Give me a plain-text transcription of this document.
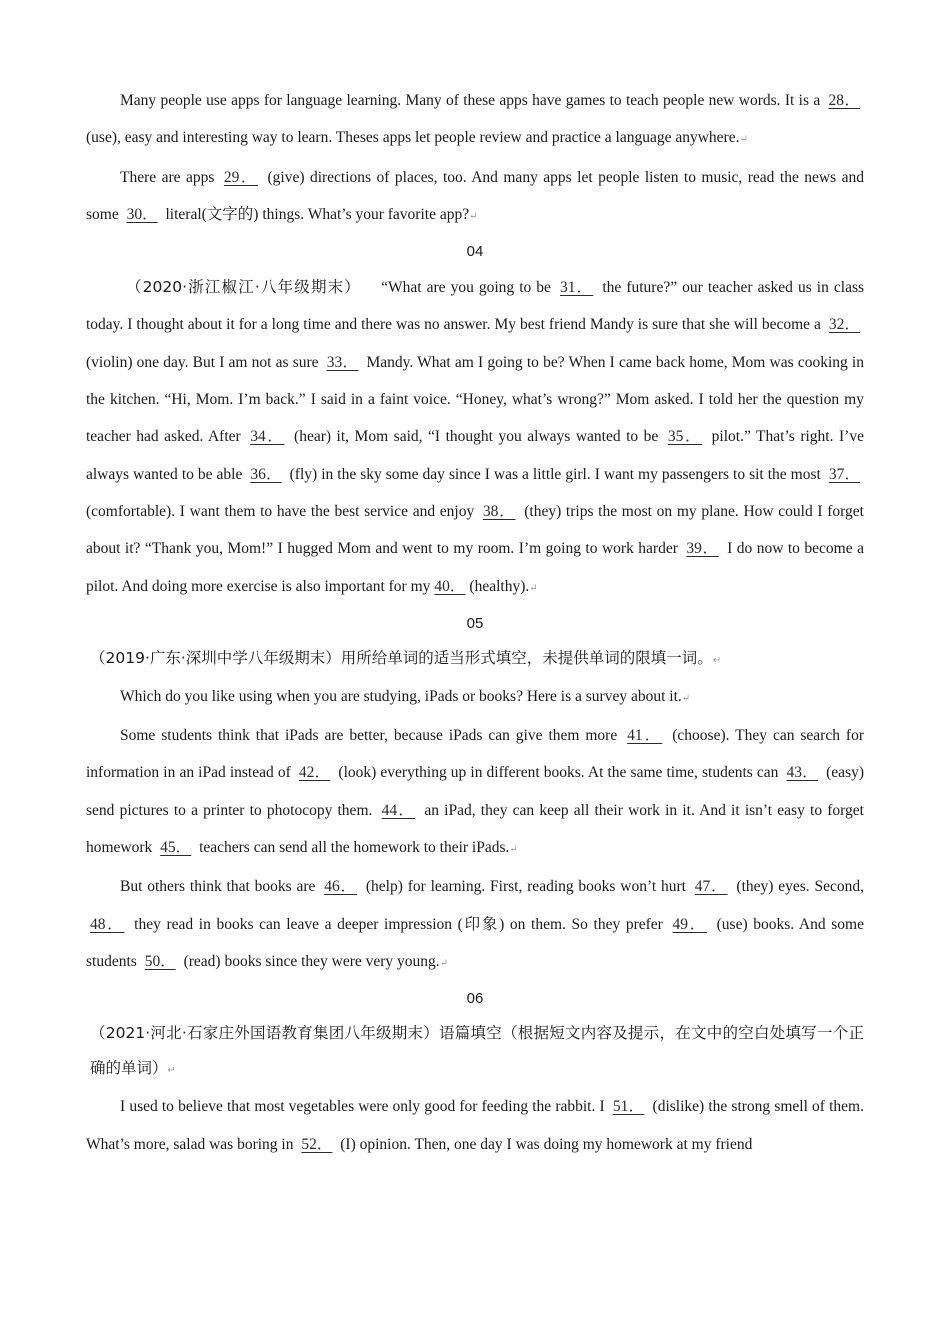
Many people use apps for language learning. Many of these apps have games to teach people new words. It is a 28． (use), easy and interesting way to learn. Theses apps let people review and practice a language anywhere.↵

There are apps 29． (give) directions of places, too. And many apps let people listen to music, read the news and some 30． literal(文字的) things. What’s your favorite app?↵

04

（2020·浙江椒江·八年级期末） “What are you going to be 31． the future?” our teacher asked us in class today. I thought about it for a long time and there was no answer. My best friend Mandy is sure that she will become a 32． (violin) one day. But I am not as sure 33． Mandy. What am I going to be? When I came back home, Mom was cooking in the kitchen. “Hi, Mom. I’m back.” I said in a faint voice. “Honey, what’s wrong?” Mom asked. I told her the question my teacher had asked. After 34． (hear) it, Mom said, “I thought you always wanted to be 35． pilot.” That’s right. I’ve always wanted to be able 36． (fly) in the sky some day since I was a little girl. I want my passengers to sit the most 37． (comfortable). I want them to have the best service and enjoy 38． (they) trips the most on my plane. How could I forget about it? “Thank you, Mom!” I hugged Mom and went to my room. I’m going to work harder 39． I do now to become a pilot. And doing more exercise is also important for my 40． (healthy).↵

05

（2019·广东·深圳中学八年级期末）用所给单词的适当形式填空，未提供单词的限填一词。↵

Which do you like using when you are studying, iPads or books? Here is a survey about it.↵

Some students think that iPads are better, because iPads can give them more 41． (choose). They can search for information in an iPad instead of 42． (look) everything up in different books. At the same time, students can 43． (easy) send pictures to a printer to photocopy them. 44． an iPad, they can keep all their work in it. And it isn’t easy to forget homework 45． teachers can send all the homework to their iPads.↵

But others think that books are 46． (help) for learning. First, reading books won’t hurt 47． (they) eyes. Second, 48． they read in books can leave a deeper impression (印象) on them. So they prefer 49． (use) books. And some students 50． (read) books since they were very young.↵

06

（2021·河北·石家庄外国语教育集团八年级期末）语篇填空（根据短文内容及提示，在文中的空白处填写一个正确的单词）↵

I used to believe that most vegetables were only good for feeding the rabbit. I 51． (dislike) the strong smell of them. What’s more, salad was boring in 52． (I) opinion. Then, one day I was doing my homework at my friend
